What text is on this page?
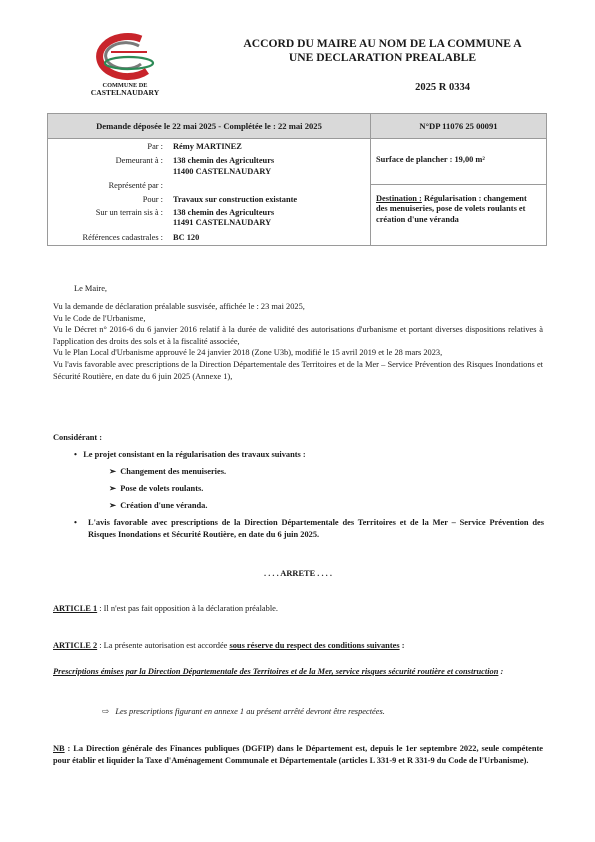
COMMUNE DE
CASTELNAUDARY
ACCORD DU MAIRE AU NOM DE LA COMMUNE A
UNE DECLARATION PREALABLE
2025 R 0334
Demande déposée le 22 mai 2025 - Complétée le : 22 mai 2025	N°DP 11076 25 00091

Par :	Rémy MARTINEZ

Demeurant à :	138 chemin des Agriculteurs
	11400 CASTELNAUDARY

Représenté par :	

Pour :	Travaux sur construction existante

Sur un terrain sis à :	138 chemin des Agriculteurs
	11491 CASTELNAUDARY

Références cadastrales :	BC 120

Surface de plancher : 19,00 m²
Destination : Régularisation : changement des menuiseries, pose de volets roulants et création d'une véranda
Le Maire,
Vu la demande de déclaration préalable susvisée, affichée le : 23 mai 2025,
Vu le Code de l'Urbanisme,
Vu le Décret n° 2016-6 du 6 janvier 2016 relatif à la durée de validité des autorisations d'urbanisme et portant diverses dispositions relatives à l'application des droits des sols et à la fiscalité associée,
Vu le Plan Local d'Urbanisme approuvé le 24 janvier 2018 (Zone U3b), modifié le 15 avril 2019 et le 28 mars 2023,
Vu l'avis favorable avec prescriptions de la Direction Départementale des Territoires et de la Mer – Service Prévention des Risques Inondations et Sécurité Routière, en date du 6 juin 2025 (Annexe 1),
Considérant :
• Le projet consistant en la régularisation des travaux suivants :
➢ Changement des menuiseries.
➢ Pose de volets roulants.
➢ Création d'une véranda.
•	L'avis favorable avec prescriptions de la Direction Départementale des Territoires et de la Mer – Service Prévention des Risques Inondations et Sécurité Routière, en date du 6 juin 2025.
. . . . ARRETE . . . .
ARTICLE 1 : Il n'est pas fait opposition à la déclaration préalable.
ARTICLE 2 : La présente autorisation est accordée sous réserve du respect des conditions suivantes :
Prescriptions émises par la Direction Départementale des Territoires et de la Mer, service risques sécurité routière et construction :
⇨ Les prescriptions figurant en annexe 1 au présent arrêté devront être respectées.
NB : La Direction générale des Finances publiques (DGFIP) dans le Département est, depuis le 1er septembre 2022, seule compétente pour établir et liquider la Taxe d'Aménagement Communale et Départementale (articles L 331-9 et R 331-9 du Code de l'Urbanisme).
